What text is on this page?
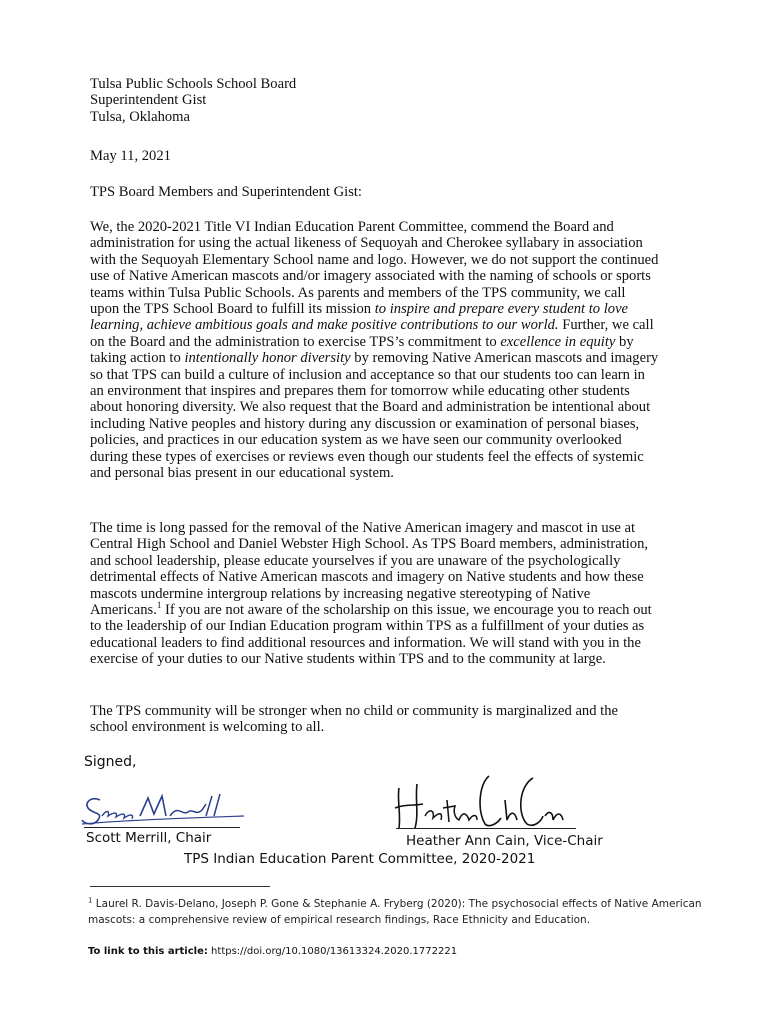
Tulsa Public Schools School Board
Superintendent Gist
Tulsa, Oklahoma
May 11, 2021
TPS Board Members and Superintendent Gist:
We, the 2020-2021 Title VI Indian Education Parent Committee, commend the Board and
administration for using the actual likeness of Sequoyah and Cherokee syllabary in association
with the Sequoyah Elementary School name and logo. However, we do not support the continued
use of Native American mascots and/or imagery associated with the naming of schools or sports
teams within Tulsa Public Schools. As parents and members of the TPS community, we call
upon the TPS School Board to fulfill its mission to inspire and prepare every student to love
learning, achieve ambitious goals and make positive contributions to our world. Further, we call
on the Board and the administration to exercise TPS’s commitment to excellence in equity by
taking action to intentionally honor diversity by removing Native American mascots and imagery
so that TPS can build a culture of inclusion and acceptance so that our students too can learn in
an environment that inspires and prepares them for tomorrow while educating other students
about honoring diversity. We also request that the Board and administration be intentional about
including Native peoples and history during any discussion or examination of personal biases,
policies, and practices in our education system as we have seen our community overlooked
during these types of exercises or reviews even though our students feel the effects of systemic
and personal bias present in our educational system.
The time is long passed for the removal of the Native American imagery and mascot in use at
Central High School and Daniel Webster High School. As TPS Board members, administration,
and school leadership, please educate yourselves if you are unaware of the psychologically
detrimental effects of Native American mascots and imagery on Native students and how these
mascots undermine intergroup relations by increasing negative stereotyping of Native
Americans.$^1$ If you are not aware of the scholarship on this issue, we encourage you to reach out
to the leadership of our Indian Education program within TPS as a fulfillment of your duties as
educational leaders to find additional resources and information. We will stand with you in the
exercise of your duties to our Native students within TPS and to the community at large.
The TPS community will be stronger when no child or community is marginalized and the
school environment is welcoming to all.
Signed,
Scott Merrill, Chair	Heather Ann Cain, Vice-Chair
TPS Indian Education Parent Committee, 2020-2021
$^1$ Laurel R. Davis-Delano, Joseph P. Gone & Stephanie A. Fryberg (2020): The psychosocial effects of Native American
mascots: a comprehensive review of empirical research findings, Race Ethnicity and Education.
To link to this article: https://doi.org/10.1080/13613324.2020.1772221
